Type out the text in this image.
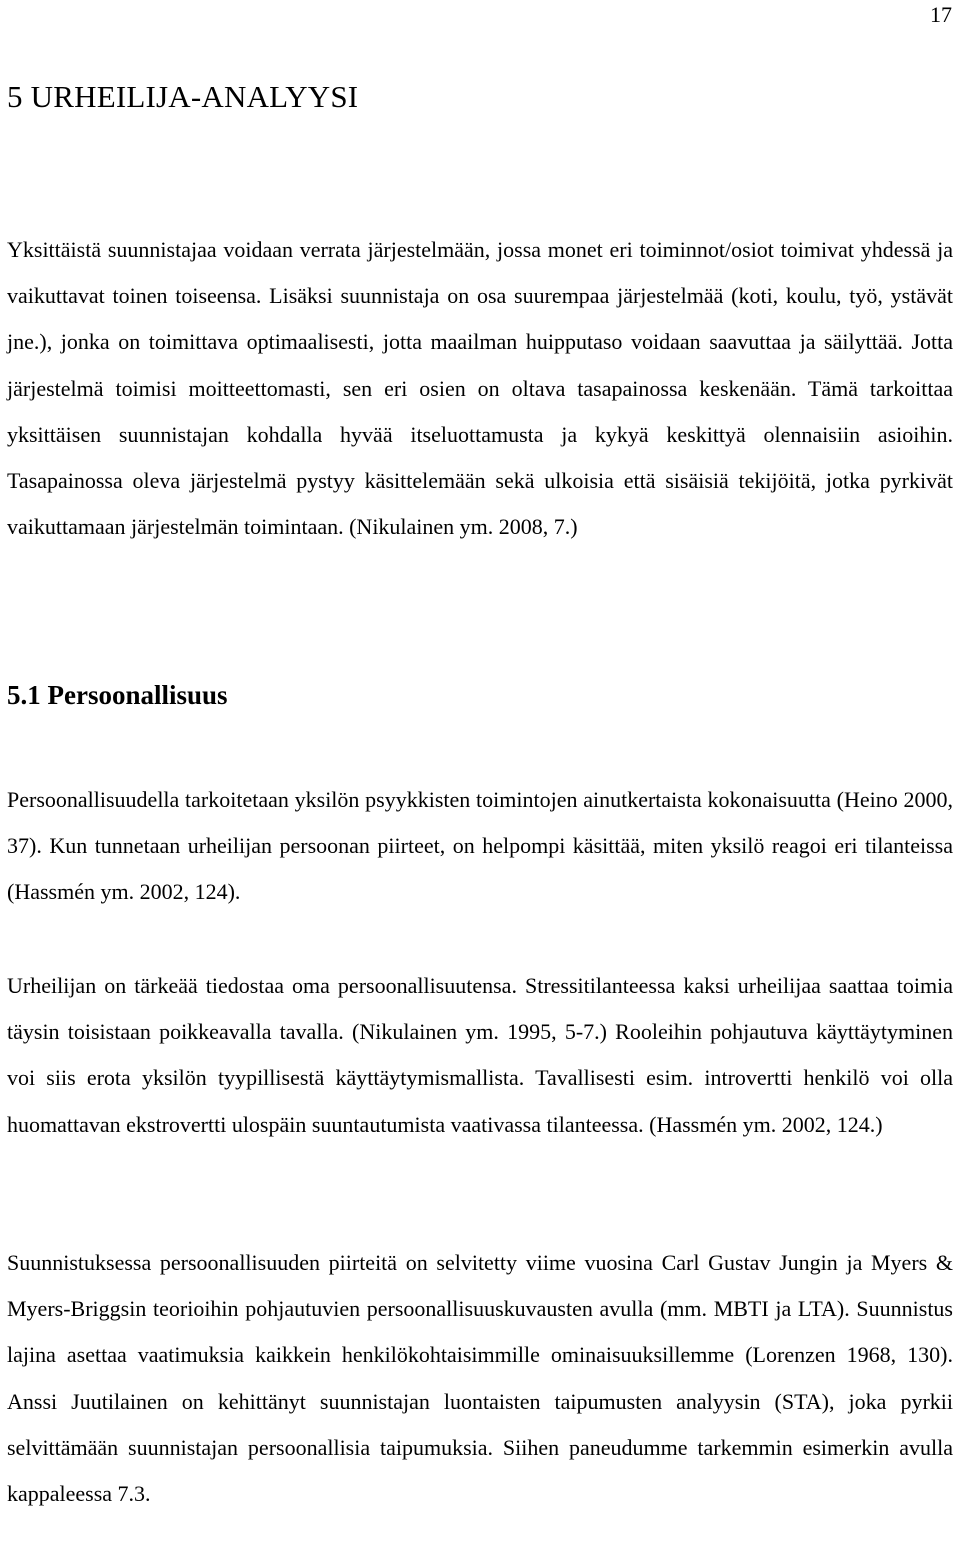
17
5 URHEILIJA-ANALYYSI

Yksittäistä suunnistajaa voidaan verrata järjestelmään, jossa monet eri toiminnot/osiot toimivat yhdessä ja vaikuttavat toinen toiseensa. Lisäksi suunnistaja on osa suurempaa järjestelmää (koti, koulu, työ, ystävät jne.), jonka on toimittava optimaalisesti, jotta maailman huipputaso voidaan saavuttaa ja säilyttää. Jotta järjestelmä toimisi moitteettomasti, sen eri osien on oltava tasapainossa keskenään. Tämä tarkoittaa yksittäisen suunnistajan kohdalla hyvää itseluottamusta ja kykyä keskittyä olennaisiin asioihin. Tasapainossa oleva järjestelmä pystyy käsittelemään sekä ulkoisia että sisäisiä tekijöitä, jotka pyrkivät vaikuttamaan järjestelmän toimintaan. (Nikulainen ym. 2008, 7.)

5.1 Persoonallisuus

Persoonallisuudella tarkoitetaan yksilön psyykkisten toimintojen ainutkertaista kokonaisuutta (Heino 2000, 37). Kun tunnetaan urheilijan persoonan piirteet, on helpompi käsittää, miten yksilö reagoi eri tilanteissa (Hassmén ym. 2002, 124).

Urheilijan on tärkeää tiedostaa oma persoonallisuutensa. Stressitilanteessa kaksi urheilijaa saattaa toimia täysin toisistaan poikkeavalla tavalla. (Nikulainen ym. 1995, 5-7.) Rooleihin pohjautuva käyttäytyminen voi siis erota yksilön tyypillisestä käyttäytymismallista. Tavallisesti esim. introvertti henkilö voi olla huomattavan ekstrovertti ulospäin suuntautumista vaativassa tilanteessa. (Hassmén ym. 2002, 124.)

Suunnistuksessa persoonallisuuden piirteitä on selvitetty viime vuosina Carl Gustav Jungin ja Myers & Myers-Briggsin teorioihin pohjautuvien persoonallisuuskuvausten avulla (mm. MBTI ja LTA). Suunnistus lajina asettaa vaatimuksia kaikkein henkilökohtaisimmille ominaisuuksillemme (Lorenzen 1968, 130). Anssi Juutilainen on kehittänyt suunnistajan luontaisten taipumusten analyysin (STA), joka pyrkii selvittämään suunnistajan persoonallisia taipumuksia. Siihen paneudumme tarkemmin esimerkin avulla kappaleessa 7.3.
